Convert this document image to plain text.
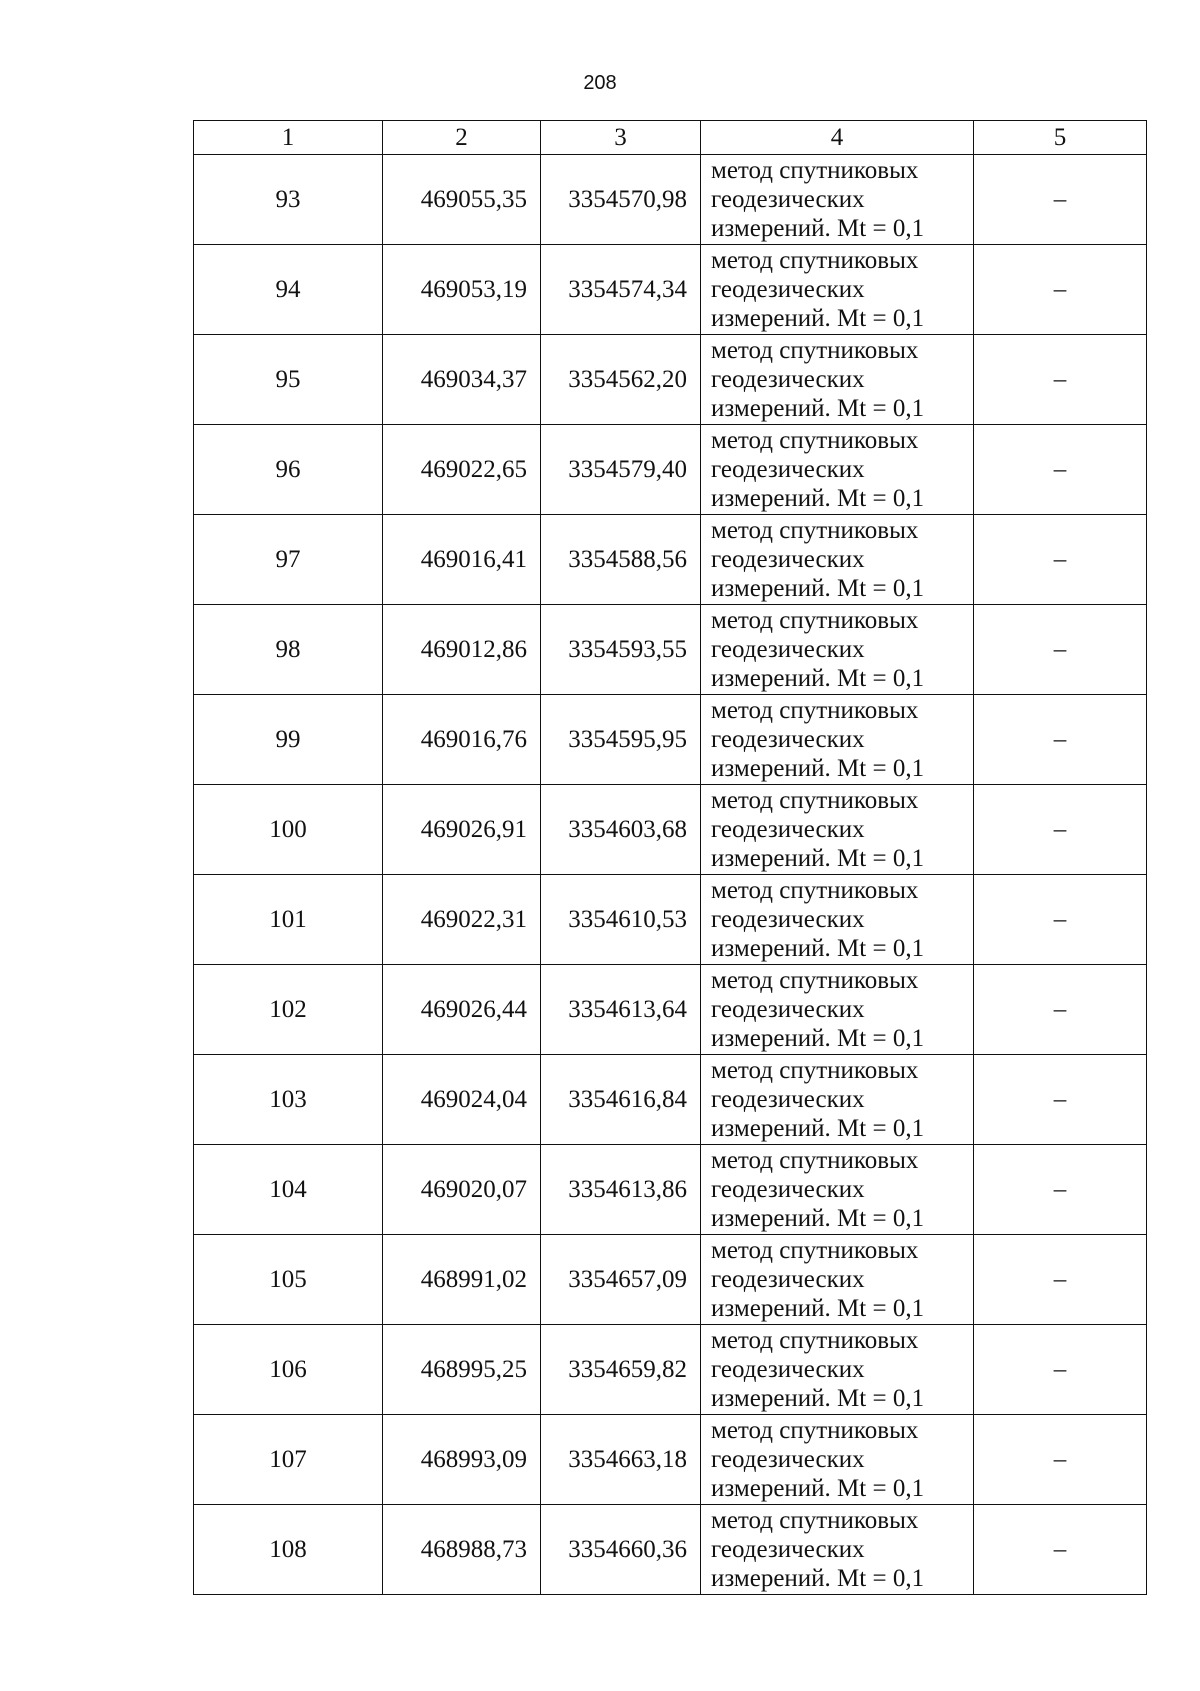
208
1	2	3	4	5
93	469055,35	3354570,98	метод спутниковых
геодезических
измерений. Mt = 0,1	–
94	469053,19	3354574,34	метод спутниковых
геодезических
измерений. Mt = 0,1	–
95	469034,37	3354562,20	метод спутниковых
геодезических
измерений. Mt = 0,1	–
96	469022,65	3354579,40	метод спутниковых
геодезических
измерений. Mt = 0,1	–
97	469016,41	3354588,56	метод спутниковых
геодезических
измерений. Mt = 0,1	–
98	469012,86	3354593,55	метод спутниковых
геодезических
измерений. Mt = 0,1	–
99	469016,76	3354595,95	метод спутниковых
геодезических
измерений. Mt = 0,1	–
100	469026,91	3354603,68	метод спутниковых
геодезических
измерений. Mt = 0,1	–
101	469022,31	3354610,53	метод спутниковых
геодезических
измерений. Mt = 0,1	–
102	469026,44	3354613,64	метод спутниковых
геодезических
измерений. Mt = 0,1	–
103	469024,04	3354616,84	метод спутниковых
геодезических
измерений. Mt = 0,1	–
104	469020,07	3354613,86	метод спутниковых
геодезических
измерений. Mt = 0,1	–
105	468991,02	3354657,09	метод спутниковых
геодезических
измерений. Mt = 0,1	–
106	468995,25	3354659,82	метод спутниковых
геодезических
измерений. Mt = 0,1	–
107	468993,09	3354663,18	метод спутниковых
геодезических
измерений. Mt = 0,1	–
108	468988,73	3354660,36	метод спутниковых
геодезических
измерений. Mt = 0,1	–
